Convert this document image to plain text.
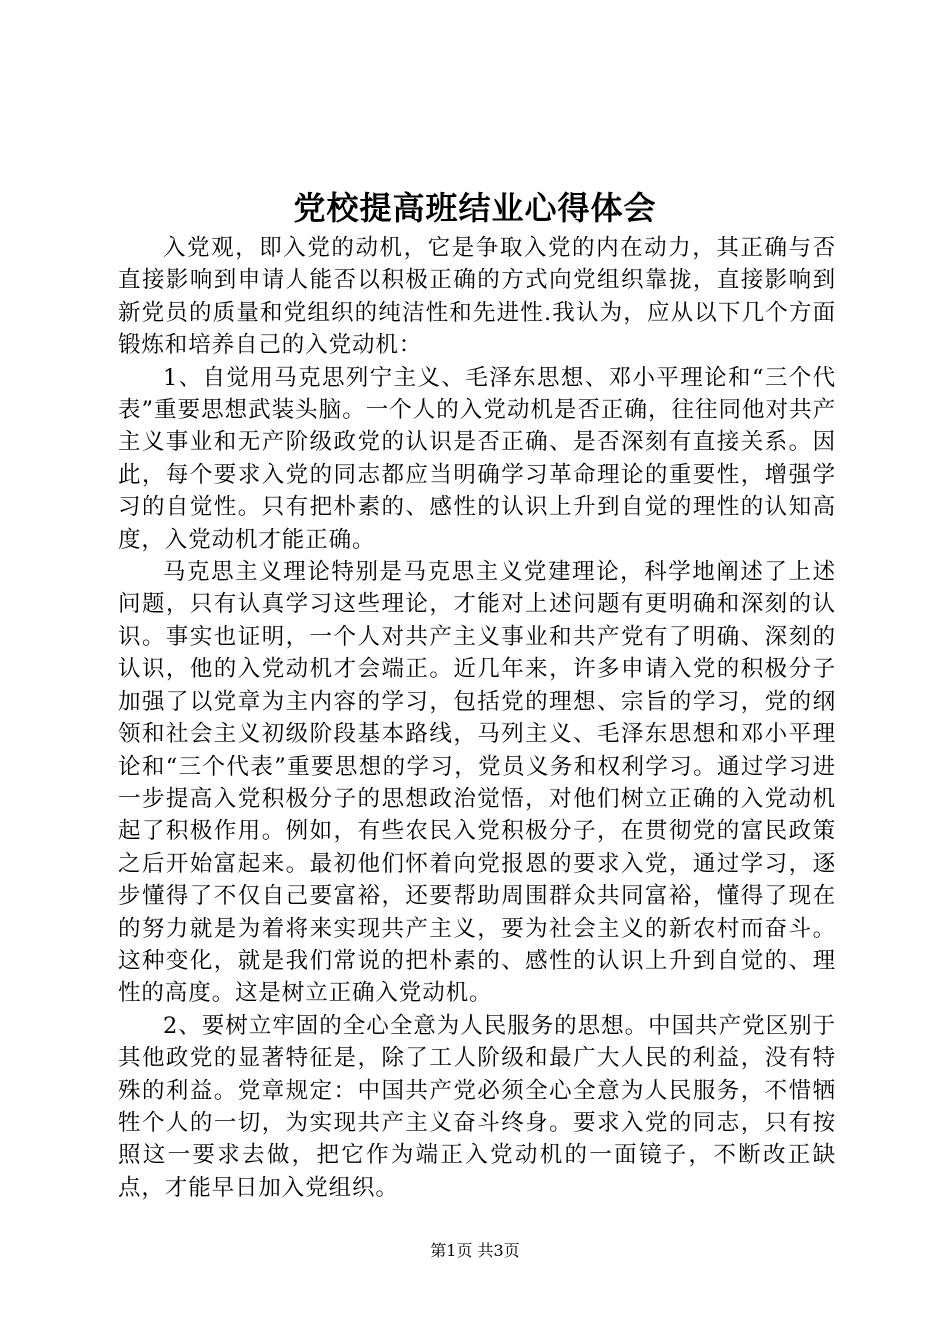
党校提高班结业心得体会

入党观，即入党的动机，它是争取入党的内在动力，其正确与否直接影响到申请人能否以积极正确的方式向党组织靠拢，直接影响到新党员的质量和党组织的纯洁性和先进性.我认为，应从以下几个方面锻炼和培养自己的入党动机：

1、自觉用马克思列宁主义、毛泽东思想、邓小平理论和“三个代表”重要思想武装头脑。一个人的入党动机是否正确，往往同他对共产主义事业和无产阶级政党的认识是否正确、是否深刻有直接关系。因此，每个要求入党的同志都应当明确学习革命理论的重要性，增强学习的自觉性。只有把朴素的、感性的认识上升到自觉的理性的认知高度，入党动机才能正确。

马克思主义理论特别是马克思主义党建理论，科学地阐述了上述问题，只有认真学习这些理论，才能对上述问题有更明确和深刻的认识。事实也证明，一个人对共产主义事业和共产党有了明确、深刻的认识，他的入党动机才会端正。近几年来，许多申请入党的积极分子加强了以党章为主内容的学习，包括党的理想、宗旨的学习，党的纲领和社会主义初级阶段基本路线，马列主义、毛泽东思想和邓小平理论和“三个代表”重要思想的学习，党员义务和权利学习。通过学习进一步提高入党积极分子的思想政治觉悟，对他们树立正确的入党动机起了积极作用。例如，有些农民入党积极分子，在贯彻党的富民政策之后开始富起来。最初他们怀着向党报恩的要求入党，通过学习，逐步懂得了不仅自己要富裕，还要帮助周围群众共同富裕，懂得了现在的努力就是为着将来实现共产主义，要为社会主义的新农村而奋斗。这种变化，就是我们常说的把朴素的、感性的认识上升到自觉的、理性的高度。这是树立正确入党动机。

2、要树立牢固的全心全意为人民服务的思想。中国共产党区别于其他政党的显著特征是，除了工人阶级和最广大人民的利益，没有特殊的利益。党章规定：中国共产党必须全心全意为人民服务，不惜牺牲个人的一切，为实现共产主义奋斗终身。要求入党的同志，只有按照这一要求去做，把它作为端正入党动机的一面镜子，不断改正缺点，才能早日加入党组织。

第1页 共3页
